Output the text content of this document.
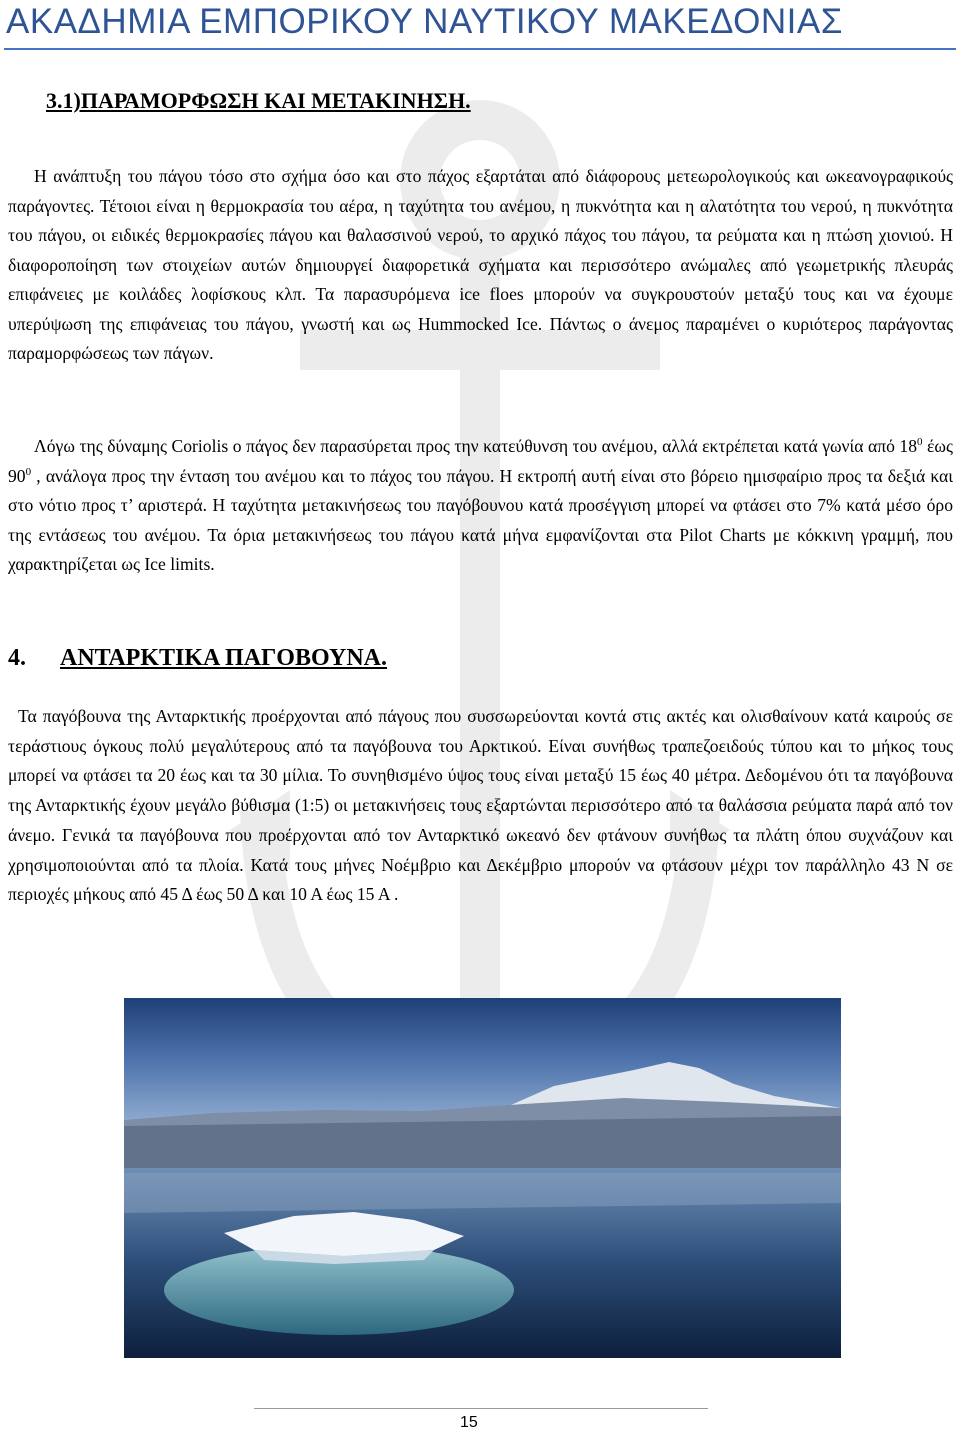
ΑΚΑΔΗΜΙΑ ΕΜΠΟΡΙΚΟΥ ΝΑΥΤΙΚΟΥ ΜΑΚΕΔΟΝΙΑΣ
3.1)ΠΑΡΑΜΟΡΦΩΣΗ ΚΑΙ ΜΕΤΑΚΙΝΗΣΗ.

Η ανάπτυξη του πάγου τόσο στο σχήμα όσο και στο πάχος εξαρτάται από διάφορους μετεωρολογικούς και ωκεανογραφικούς παράγοντες. Τέτοιοι είναι η θερμοκρασία του αέρα, η ταχύτητα του ανέμου, η πυκνότητα και η αλατότητα του νερού, η πυκνότητα του πάγου, οι ειδικές θερμοκρασίες πάγου και θαλασσινού νερού, το αρχικό πάχος του πάγου, τα ρεύματα και η πτώση χιονιού. Η διαφοροποίηση των στοιχείων αυτών δημιουργεί διαφορετικά σχήματα και περισσότερο ανώμαλες από γεωμετρικής πλευράς επιφάνειες με κοιλάδες λοφίσκους κλπ. Τα παρασυρόμενα ice floes μπορούν να συγκρουστούν μεταξύ τους και να έχουμε υπερύψωση της επιφάνειας του πάγου, γνωστή και ως Hummocked Ice. Πάντως ο άνεμος παραμένει ο κυριότερος παράγοντας παραμορφώσεως των πάγων.

Λόγω της δύναμης Coriolis ο πάγος δεν παρασύρεται προς την κατεύθυνση του ανέμου, αλλά εκτρέπεται κατά γωνία από $18^0$ έως $90^0$ , ανάλογα προς την ένταση του ανέμου και το πάχος του πάγου. Η εκτροπή αυτή είναι στο βόρειο ημισφαίριο προς τα δεξιά και στο νότιο προς τ’ αριστερά. Η ταχύτητα μετακινήσεως του παγόβουνου κατά προσέγγιση μπορεί να φτάσει στο 7% κατά μέσο όρο της εντάσεως του ανέμου. Τα όρια μετακινήσεως του πάγου κατά μήνα εμφανίζονται στα Pilot Charts με κόκκινη γραμμή, που χαρακτηρίζεται ως Ice limits.

4. ΑΝΤΑΡΚΤΙΚΑ ΠΑΓΟΒΟΥΝΑ.

Τα παγόβουνα της Ανταρκτικής προέρχονται από πάγους που συσσωρεύονται κοντά στις ακτές και ολισθαίνουν κατά καιρούς σε τεράστιους όγκους πολύ μεγαλύτερους από τα παγόβουνα του Αρκτικού. Είναι συνήθως τραπεζοειδούς τύπου και το μήκος τους μπορεί να φτάσει τα 20 έως και τα 30 μίλια. Το συνηθισμένο ύψος τους είναι μεταξύ 15 έως 40 μέτρα. Δεδομένου ότι τα παγόβουνα της Ανταρκτικής έχουν μεγάλο βύθισμα (1:5) οι μετακινήσεις τους εξαρτώνται περισσότερο από τα θαλάσσια ρεύματα παρά από τον άνεμο. Γενικά τα παγόβουνα που προέρχονται από τον Ανταρκτικό ωκεανό δεν φτάνουν συνήθως τα πλάτη όπου συχνάζουν και χρησιμοποιούνται από τα πλοία. Κατά τους μήνες Νοέμβριο και Δεκέμβριο μπορούν να φτάσουν μέχρι τον παράλληλο 43 Ν σε περιοχές μήκους από 45 Δ έως 50 Δ και 10 Α έως 15 Α .

15
